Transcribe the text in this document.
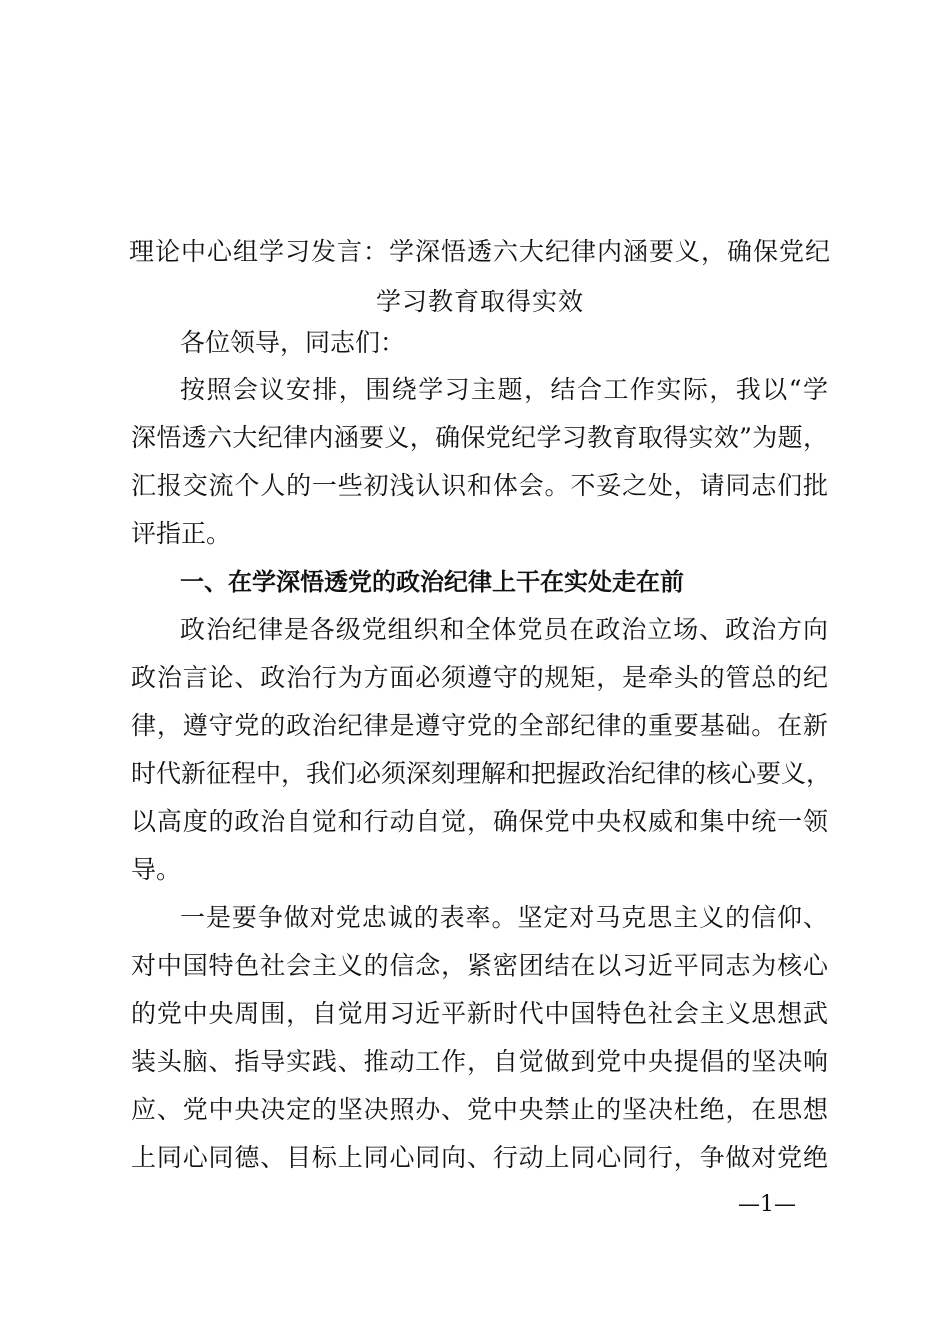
理论中心组学习发言：学深悟透六大纪律内涵要义，确保党纪
学习教育取得实效
各位领导，同志们：
按照会议安排，围绕学习主题，结合工作实际，我以“学
深悟透六大纪律内涵要义，确保党纪学习教育取得实效”为题，
汇报交流个人的一些初浅认识和体会。不妥之处，请同志们批
评指正。
一、在学深悟透党的政治纪律上干在实处走在前
政治纪律是各级党组织和全体党员在政治立场、政治方向
政治言论、政治行为方面必须遵守的规矩，是牵头的管总的纪
律，遵守党的政治纪律是遵守党的全部纪律的重要基础。在新
时代新征程中，我们必须深刻理解和把握政治纪律的核心要义，
以高度的政治自觉和行动自觉，确保党中央权威和集中统一领
导。
一是要争做对党忠诚的表率。坚定对马克思主义的信仰、
对中国特色社会主义的信念，紧密团结在以习近平同志为核心
的党中央周围，自觉用习近平新时代中国特色社会主义思想武
装头脑、指导实践、推动工作，自觉做到党中央提倡的坚决响
应、党中央决定的坚决照办、党中央禁止的坚决杜绝，在思想
上同心同德、目标上同心同向、行动上同心同行，争做对党绝
—1—
